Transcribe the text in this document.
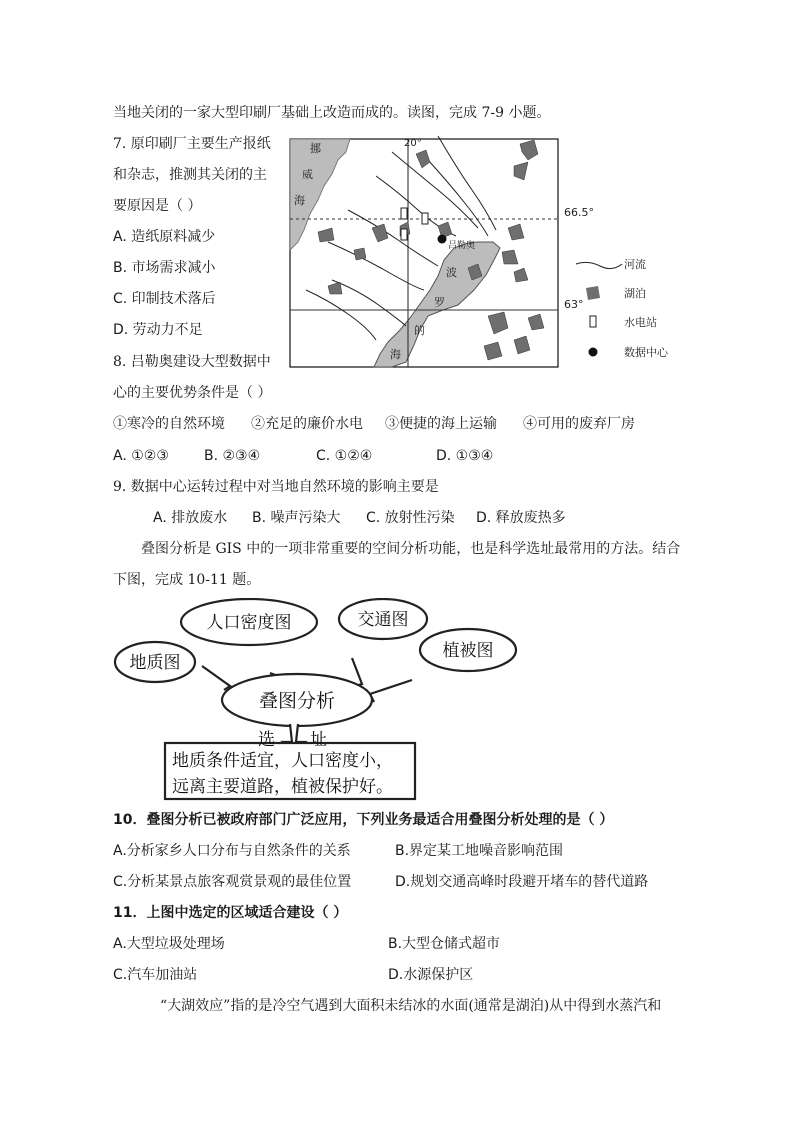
当地关闭的一家大型印刷厂基础上改造而成的。读图，完成 7-9 小题。
7. 原印刷厂主要生产报纸
和杂志，推测其关闭的主
要原因是（ ）
A. 造纸原料减少
B. 市场需求减小
C. 印制技术落后
D. 劳动力不足
8. 吕勒奥建设大型数据中
心的主要优势条件是（ ）
①寒冷的自然环境 ②充足的廉价水电 ③便捷的海上运输 ④可用的废弃厂房
A. ①②③	B. ②③④	C. ①②④	D. ①③④
9. 数据中心运转过程中对当地自然环境的影响主要是
A. 排放废水 B. 噪声污染大 C. 放射性污染 D. 释放废热多
叠图分析是 GIS 中的一项非常重要的空间分析功能，也是科学选址最常用的方法。结合
下图，完成 10-11 题。
吕勒奥
20°
66.5°
63°
挪
威
海
波
罗
的
海
河流
湖泊
水电站
数据中心
人口密度图	交通图
地质图
植被图
叠图分析
选 址
地质条件适宜，人口密度小，
远离主要道路，植被保护好。
10．叠图分析已被政府部门广泛应用，下列业务最适合用叠图分析处理的是（ ）
A.分析家乡人口分布与自然条件的关系	B.界定某工地噪音影响范围
C.分析某景点旅客观赏景观的最佳位置	D.规划交通高峰时段避开堵车的替代道路
11．上图中选定的区域适合建设（ ）
A.大型垃圾处理场	B.大型仓储式超市
C.汽车加油站	D.水源保护区
“大湖效应”指的是冷空气遇到大面积未结冰的水面(通常是湖泊)从中得到水蒸汽和
